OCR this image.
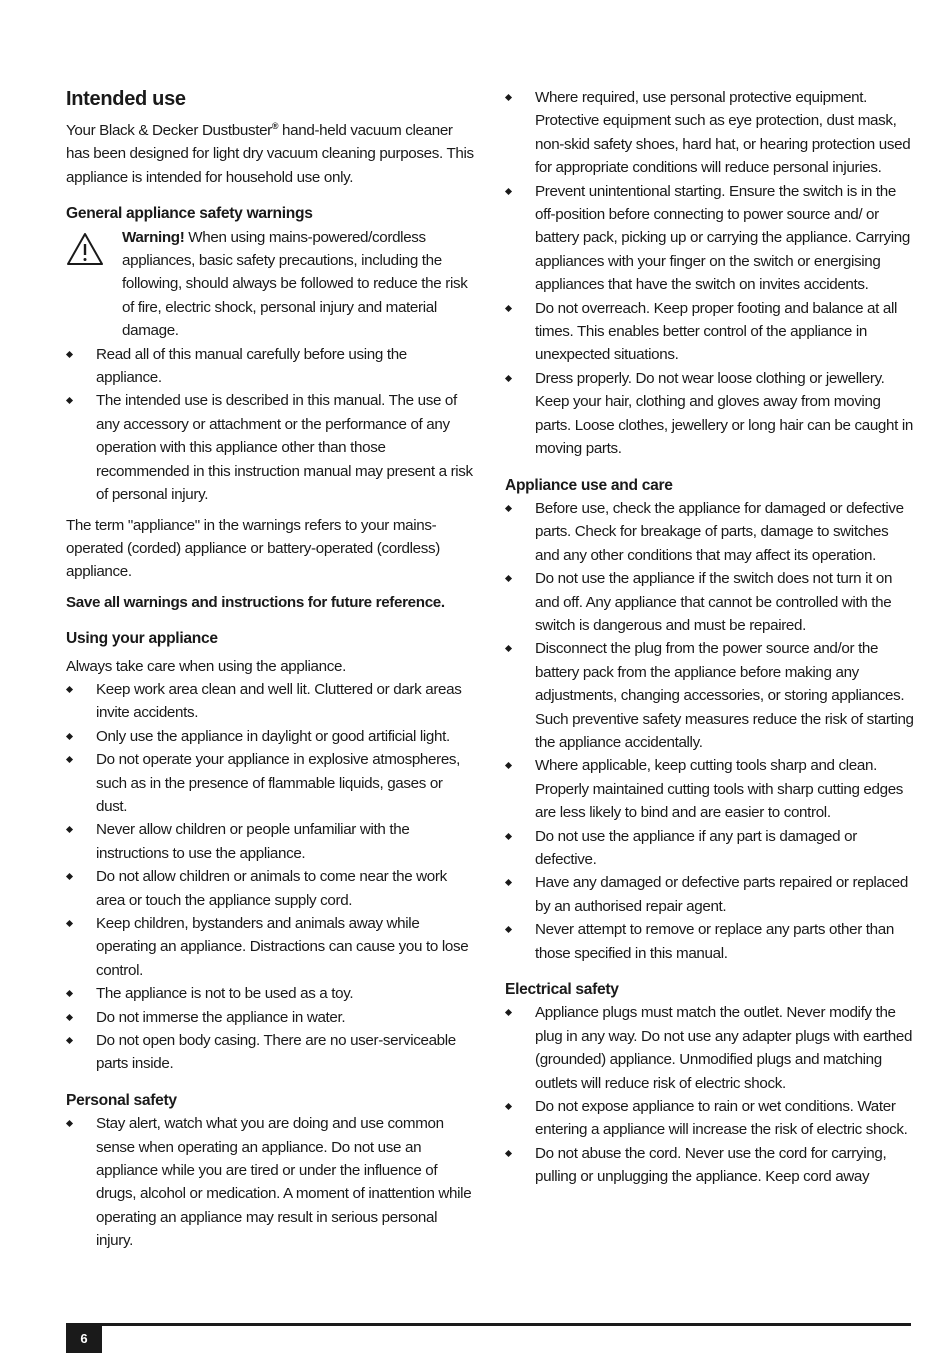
Intended use

Your Black & Decker Dustbuster® hand-held vacuum cleaner has been designed for light dry vacuum cleaning purposes. This appliance is intended for household use only.

General appliance safety warnings

Warning! When using mains-powered/cordless appliances, basic safety precautions, including the following, should always be followed to reduce the risk of fire, electric shock, personal injury and material damage.

Read all of this manual carefully before using the appliance.
The intended use is described in this manual. The use of any accessory or attachment or the performance of any operation with this appliance other than those recommended in this instruction manual may present a risk of personal injury.

The term "appliance" in the warnings refers to your mains-operated (corded) appliance or battery-operated (cordless) appliance.

Save all warnings and instructions for future reference.

Using your appliance

Always take care when using the appliance.

Keep work area clean and well lit. Cluttered or dark areas invite accidents.
Only use the appliance in daylight or good artificial light.
Do not operate your appliance in explosive atmospheres, such as in the presence of flammable liquids, gases or dust.
Never allow children or people unfamiliar with the instructions to use the appliance.
Do not allow children or animals to come near the work area or touch the appliance supply cord.
Keep children, bystanders and animals away while operating an appliance. Distractions can cause you to lose control.
The appliance is not to be used as a toy.
Do not immerse the appliance in water.
Do not open body casing. There are no user-serviceable parts inside.
Personal safety
Stay alert, watch what you are doing and use common sense when operating an appliance. Do not use an appliance while you are tired or under the influence of drugs, alcohol or medication. A moment of inattention while operating an appliance may result in serious personal injury.
Where required, use personal protective equipment. Protective equipment such as eye protection, dust mask, non-skid safety shoes, hard hat, or hearing protection used for appropriate conditions will reduce personal injuries.
Prevent unintentional starting. Ensure the switch is in the off-position before connecting to power source and/ or battery pack, picking up or carrying the appliance. Carrying appliances with your finger on the switch or energising appliances that have the switch on invites accidents.
Do not overreach. Keep proper footing and balance at all times. This enables better control of the appliance in unexpected situations.
Dress properly. Do not wear loose clothing or jewellery. Keep your hair, clothing and gloves away from moving parts. Loose clothes, jewellery or long hair can be caught in moving parts.
Appliance use and care
Before use, check the appliance for damaged or defective parts. Check for breakage of parts, damage to switches and any other conditions that may affect its operation.
Do not use the appliance if the switch does not turn it on and off. Any appliance that cannot be controlled with the switch is dangerous and must be repaired.
Disconnect the plug from the power source and/or the battery pack from the appliance before making any adjustments, changing accessories, or storing appliances. Such preventive safety measures reduce the risk of starting the appliance accidentally.
Where applicable, keep cutting tools sharp and clean. Properly maintained cutting tools with sharp cutting edges are less likely to bind and are easier to control.
Do not use the appliance if any part is damaged or defective.
Have any damaged or defective parts repaired or replaced by an authorised repair agent.
Never attempt to remove or replace any parts other than those specified in this manual.
Electrical safety
Appliance plugs must match the outlet. Never modify the plug in any way. Do not use any adapter plugs with earthed (grounded) appliance. Unmodified plugs and matching outlets will reduce risk of electric shock.
Do not expose appliance to rain or wet conditions. Water entering a appliance will increase the risk of electric shock.
Do not abuse the cord. Never use the cord for carrying, pulling or unplugging the appliance. Keep cord away
6
